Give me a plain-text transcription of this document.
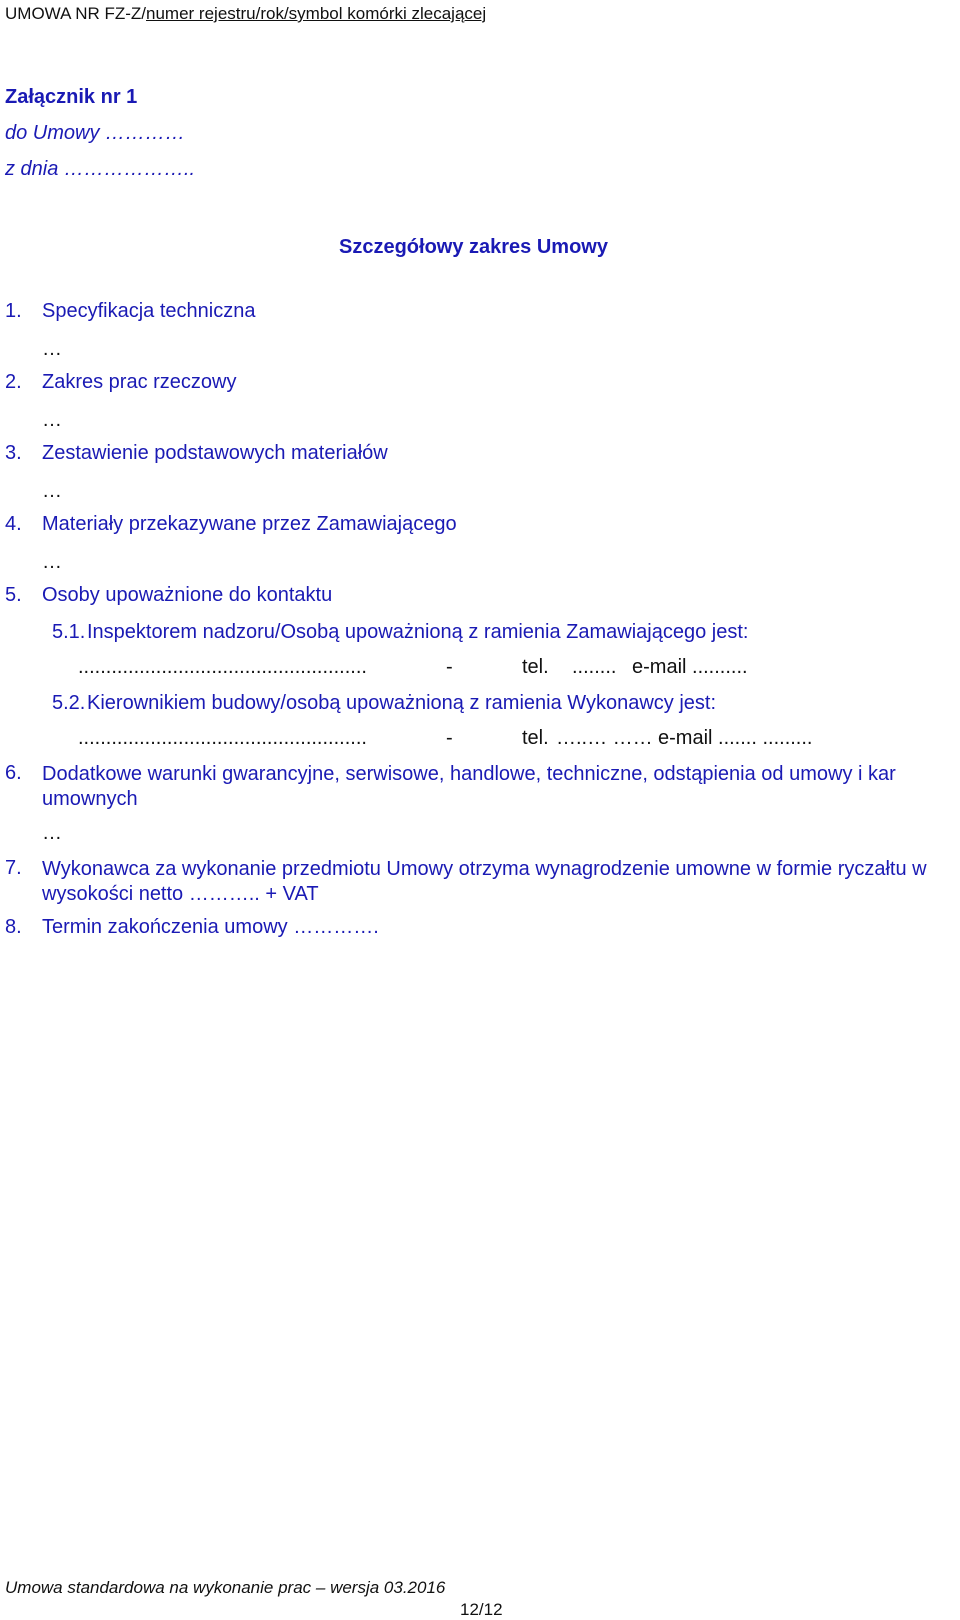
UMOWA NR FZ-Z/numer rejestru/rok/symbol komórki zlecającej
Załącznik nr 1
do Umowy …………
z dnia ………………..
Szczegółowy zakres Umowy
1. Specyfikacja techniczna
…
2. Zakres prac rzeczowy
…
3. Zestawienie podstawowych materiałów
…
4. Materiały przekazywane przez Zamawiającego
…
5. Osoby upoważnione do kontaktu
5.1. Inspektorem nadzoru/Osobą upoważnioną z ramienia Zamawiającego jest:
....................................................	-	tel. ........ e-mail ..........
5.2. Kierownikiem budowy/osobą upoważnioną z ramienia Wykonawcy jest:
....................................................	-	tel. …..… …… e-mail ....... .........
6. Dodatkowe warunki gwarancyjne, serwisowe, handlowe, techniczne, odstąpienia od umowy i kar umownych
…
7. Wykonawca za wykonanie przedmiotu Umowy otrzyma wynagrodzenie umowne w formie ryczałtu w wysokości netto ……….. + VAT
8. Termin zakończenia umowy ………….
Umowa standardowa na wykonanie prac – wersja 03.2016
12/12
